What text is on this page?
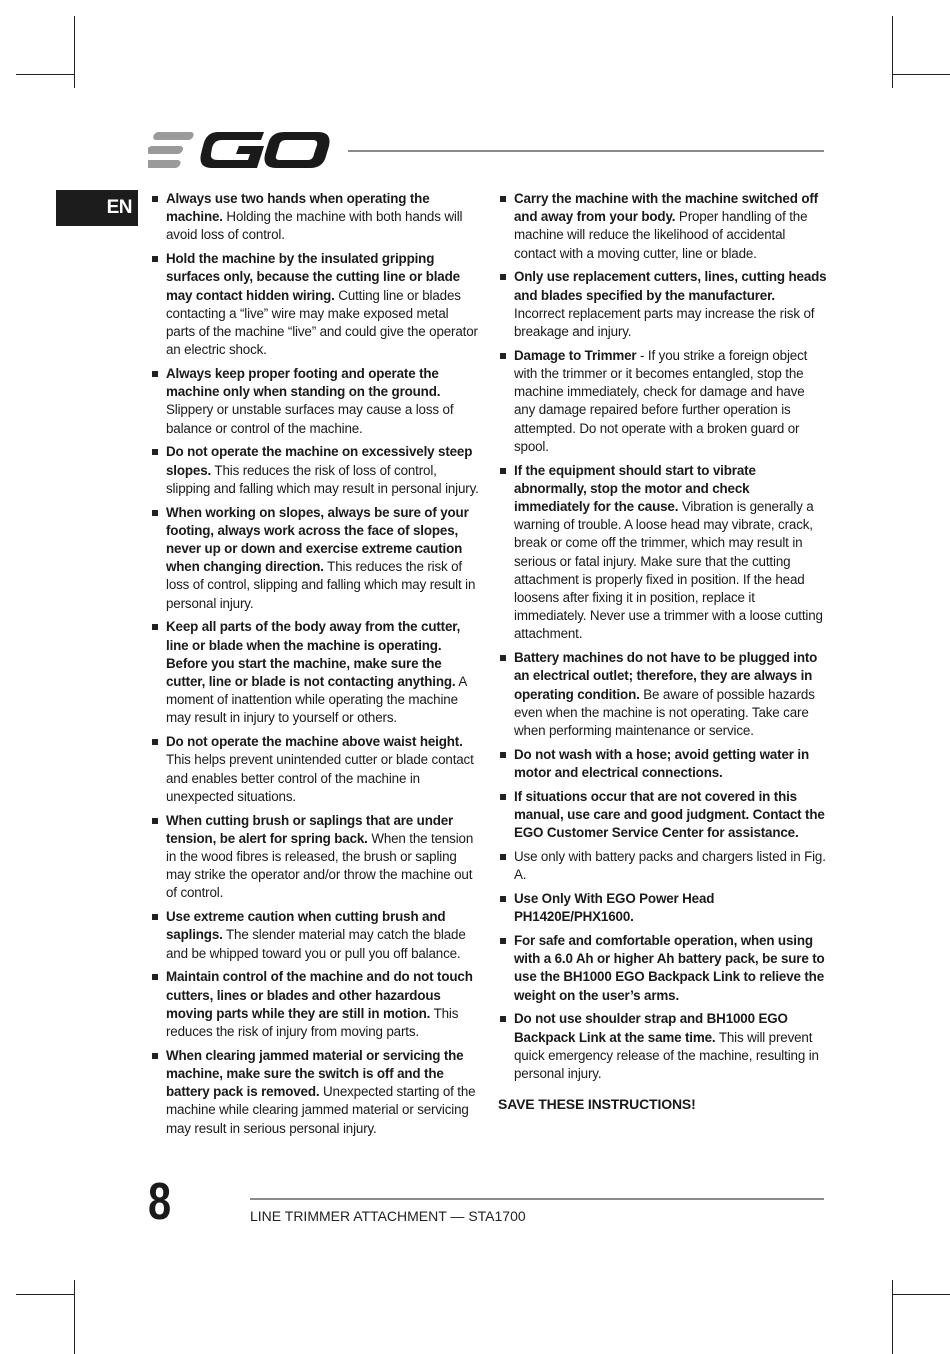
EN	Always use two hands when operating the machine. Holding the machine with both hands will avoid loss of control.
Hold the machine by the insulated gripping surfaces only, because the cutting line or blade may contact hidden wiring. Cutting line or blades contacting a “live” wire may make exposed metal parts of the machine “live” and could give the operator an electric shock.
Always keep proper footing and operate the machine only when standing on the ground. Slippery or unstable surfaces may cause a loss of balance or control of the machine.
Do not operate the machine on excessively steep slopes. This reduces the risk of loss of control, slipping and falling which may result in personal injury.
When working on slopes, always be sure of your footing, always work across the face of slopes, never up or down and exercise extreme caution when changing direction. This reduces the risk of loss of control, slipping and falling which may result in personal injury.
Keep all parts of the body away from the cutter, line or blade when the machine is operating. Before you start the machine, make sure the cutter, line or blade is not contacting anything. A moment of inattention while operating the machine may result in injury to yourself or others.
Do not operate the machine above waist height. This helps prevent unintended cutter or blade contact and enables better control of the machine in unexpected situations.
When cutting brush or saplings that are under tension, be alert for spring back. When the tension in the wood fibres is released, the brush or sapling may strike the operator and/or throw the machine out of control.
Use extreme caution when cutting brush and saplings. The slender material may catch the blade and be whipped toward you or pull you off balance.
Maintain control of the machine and do not touch cutters, lines or blades and other hazardous moving parts while they are still in motion. This reduces the risk of injury from moving parts.
When clearing jammed material or servicing the machine, make sure the switch is off and the battery pack is removed. Unexpected starting of the machine while clearing jammed material or servicing may result in serious personal injury.
Carry the machine with the machine switched off and away from your body. Proper handling of the machine will reduce the likelihood of accidental contact with a moving cutter, line or blade.
Only use replacement cutters, lines, cutting heads and blades specified by the manufacturer. Incorrect replacement parts may increase the risk of breakage and injury.
Damage to Trimmer - If you strike a foreign object with the trimmer or it becomes entangled, stop the machine immediately, check for damage and have any damage repaired before further operation is attempted. Do not operate with a broken guard or spool.
If the equipment should start to vibrate abnormally, stop the motor and check immediately for the cause. Vibration is generally a warning of trouble. A loose head may vibrate, crack, break or come off the trimmer, which may result in serious or fatal injury. Make sure that the cutting attachment is properly fixed in position. If the head loosens after fixing it in position, replace it immediately. Never use a trimmer with a loose cutting attachment.
Battery machines do not have to be plugged into an electrical outlet; therefore, they are always in operating condition. Be aware of possible hazards even when the machine is not operating. Take care when performing maintenance or service.
Do not wash with a hose; avoid getting water in motor and electrical connections.
If situations occur that are not covered in this manual, use care and good judgment. Contact the EGO Customer Service Center for assistance.
Use only with battery packs and chargers listed in Fig. A.
Use Only With EGO Power Head PH1420E/PHX1600.
For safe and comfortable operation, when using with a 6.0 Ah or higher Ah battery pack, be sure to use the BH1000 EGO Backpack Link to relieve the weight on the user’s arms.
Do not use shoulder strap and BH1000 EGO Backpack Link at the same time. This will prevent quick emergency release of the machine, resulting in personal injury.
SAVE THESE INSTRUCTIONS!
8	LINE TRIMMER ATTACHMENT — STA1700
